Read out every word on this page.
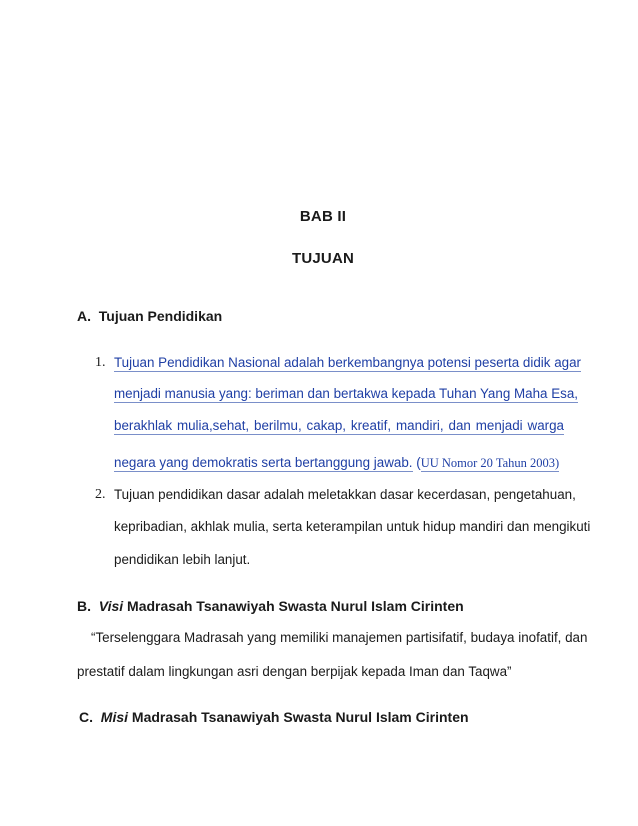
BAB II
TUJUAN
A. Tujuan Pendidikan
1. Tujuan Pendidikan Nasional adalah berkembangnya potensi peserta didik agar
menjadi manusia yang: beriman dan bertakwa kepada Tuhan Yang Maha Esa,
berakhlak mulia,sehat, berilmu, cakap, kreatif, mandiri, dan menjadi warga
negara yang demokratis serta bertanggung jawab. (UU Nomor 20 Tahun 2003)
2. Tujuan pendidikan dasar adalah meletakkan dasar kecerdasan, pengetahuan,
kepribadian, akhlak mulia, serta keterampilan untuk hidup mandiri dan mengikuti
pendidikan lebih lanjut.
B. Visi Madrasah Tsanawiyah Swasta Nurul Islam Cirinten
“Terselenggara Madrasah yang memiliki manajemen partisifatif, budaya inofatif, dan
prestatif dalam lingkungan asri dengan berpijak kepada Iman dan Taqwa”
C. Misi Madrasah Tsanawiyah Swasta Nurul Islam Cirinten
